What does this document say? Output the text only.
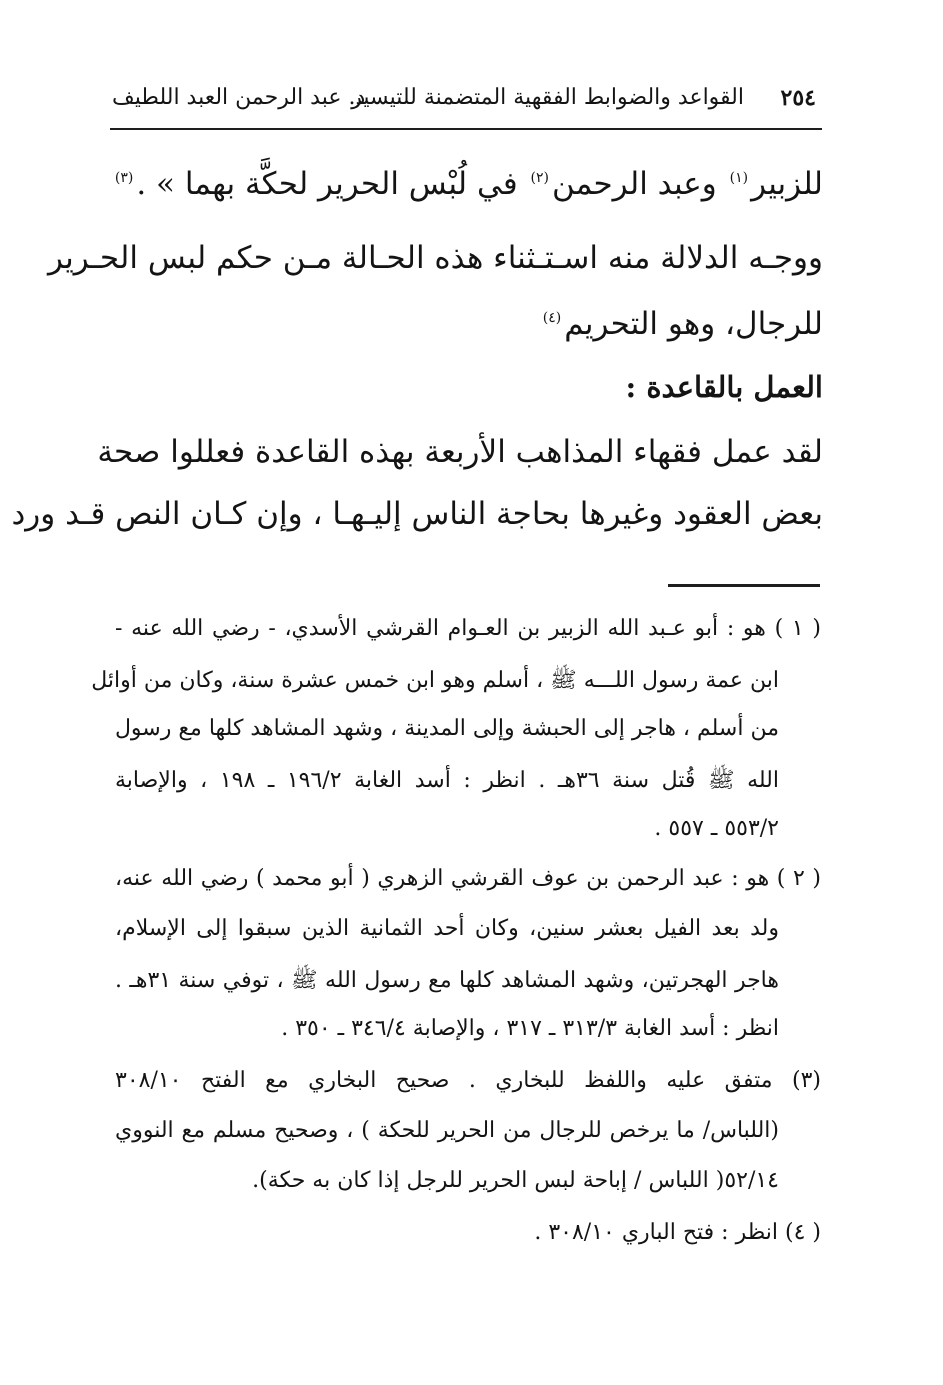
٢٥٤
القواعد والضوابط الفقهية المتضمنة للتيسير
د. عبد الرحمن العبد اللطيف
للزبير$^{(١)}$ وعبد الرحمن$^{(٢)}$ في لُبْس الحرير لحكَّة بهما » .$^{(٣)}$
ووجـه الدلالة منه اسـتـثناء هذه الحـالة مـن حكم لبس الحـرير
للرجال، وهو التحريم$^{(٤)}$
العمل بالقاعدة :
لقد عمل فقهاء المذاهب الأربعة بهذه القاعدة فعللوا صحة
بعض العقود وغيرها بحاجة الناس إليـهـا ، وإن كـان النص قـد ورد
( ١ ) هو : أبو عـبد الله الزبير بن العـوام القرشي الأسدي، - رضي الله عنه -
ابن عمة رسول اللـــه ﷺ ، أسلم وهو ابن خمس عشرة سنة، وكان من أوائل
من أسلم ، هاجر إلى الحبشة وإلى المدينة ، وشهد المشاهد كلها مع رسول
الله ﷺ قُتل سنة ٣٦هـ . انظر : أسد الغابة ١٩٦/٢ ـ ١٩٨ ، والإصابة
٥٥٣/٢ ـ ٥٥٧ .
( ٢ ) هو : عبد الرحمن بن عوف القرشي الزهري ( أبو محمد ) رضي الله عنه،
ولد بعد الفيل بعشر سنين، وكان أحد الثمانية الذين سبقوا إلى الإسلام،
هاجر الهجرتين، وشهد المشاهد كلها مع رسول الله ﷺ ، توفي سنة ٣١هـ .
انظر : أسد الغابة ٣١٣/٣ ـ ٣١٧ ، والإصابة ٣٤٦/٤ ـ ٣٥٠ .
(٣) متفق عليه واللفظ للبخاري . صحيح البخاري مع الفتح ٣٠٨/١٠
(اللباس/ ما يرخص للرجال من الحرير للحكة ) ، وصحيح مسلم مع النووي
٥٢/١٤( اللباس / إباحة لبس الحرير للرجل إذا كان به حكة).
( ٤) انظر : فتح الباري ٣٠٨/١٠ .
